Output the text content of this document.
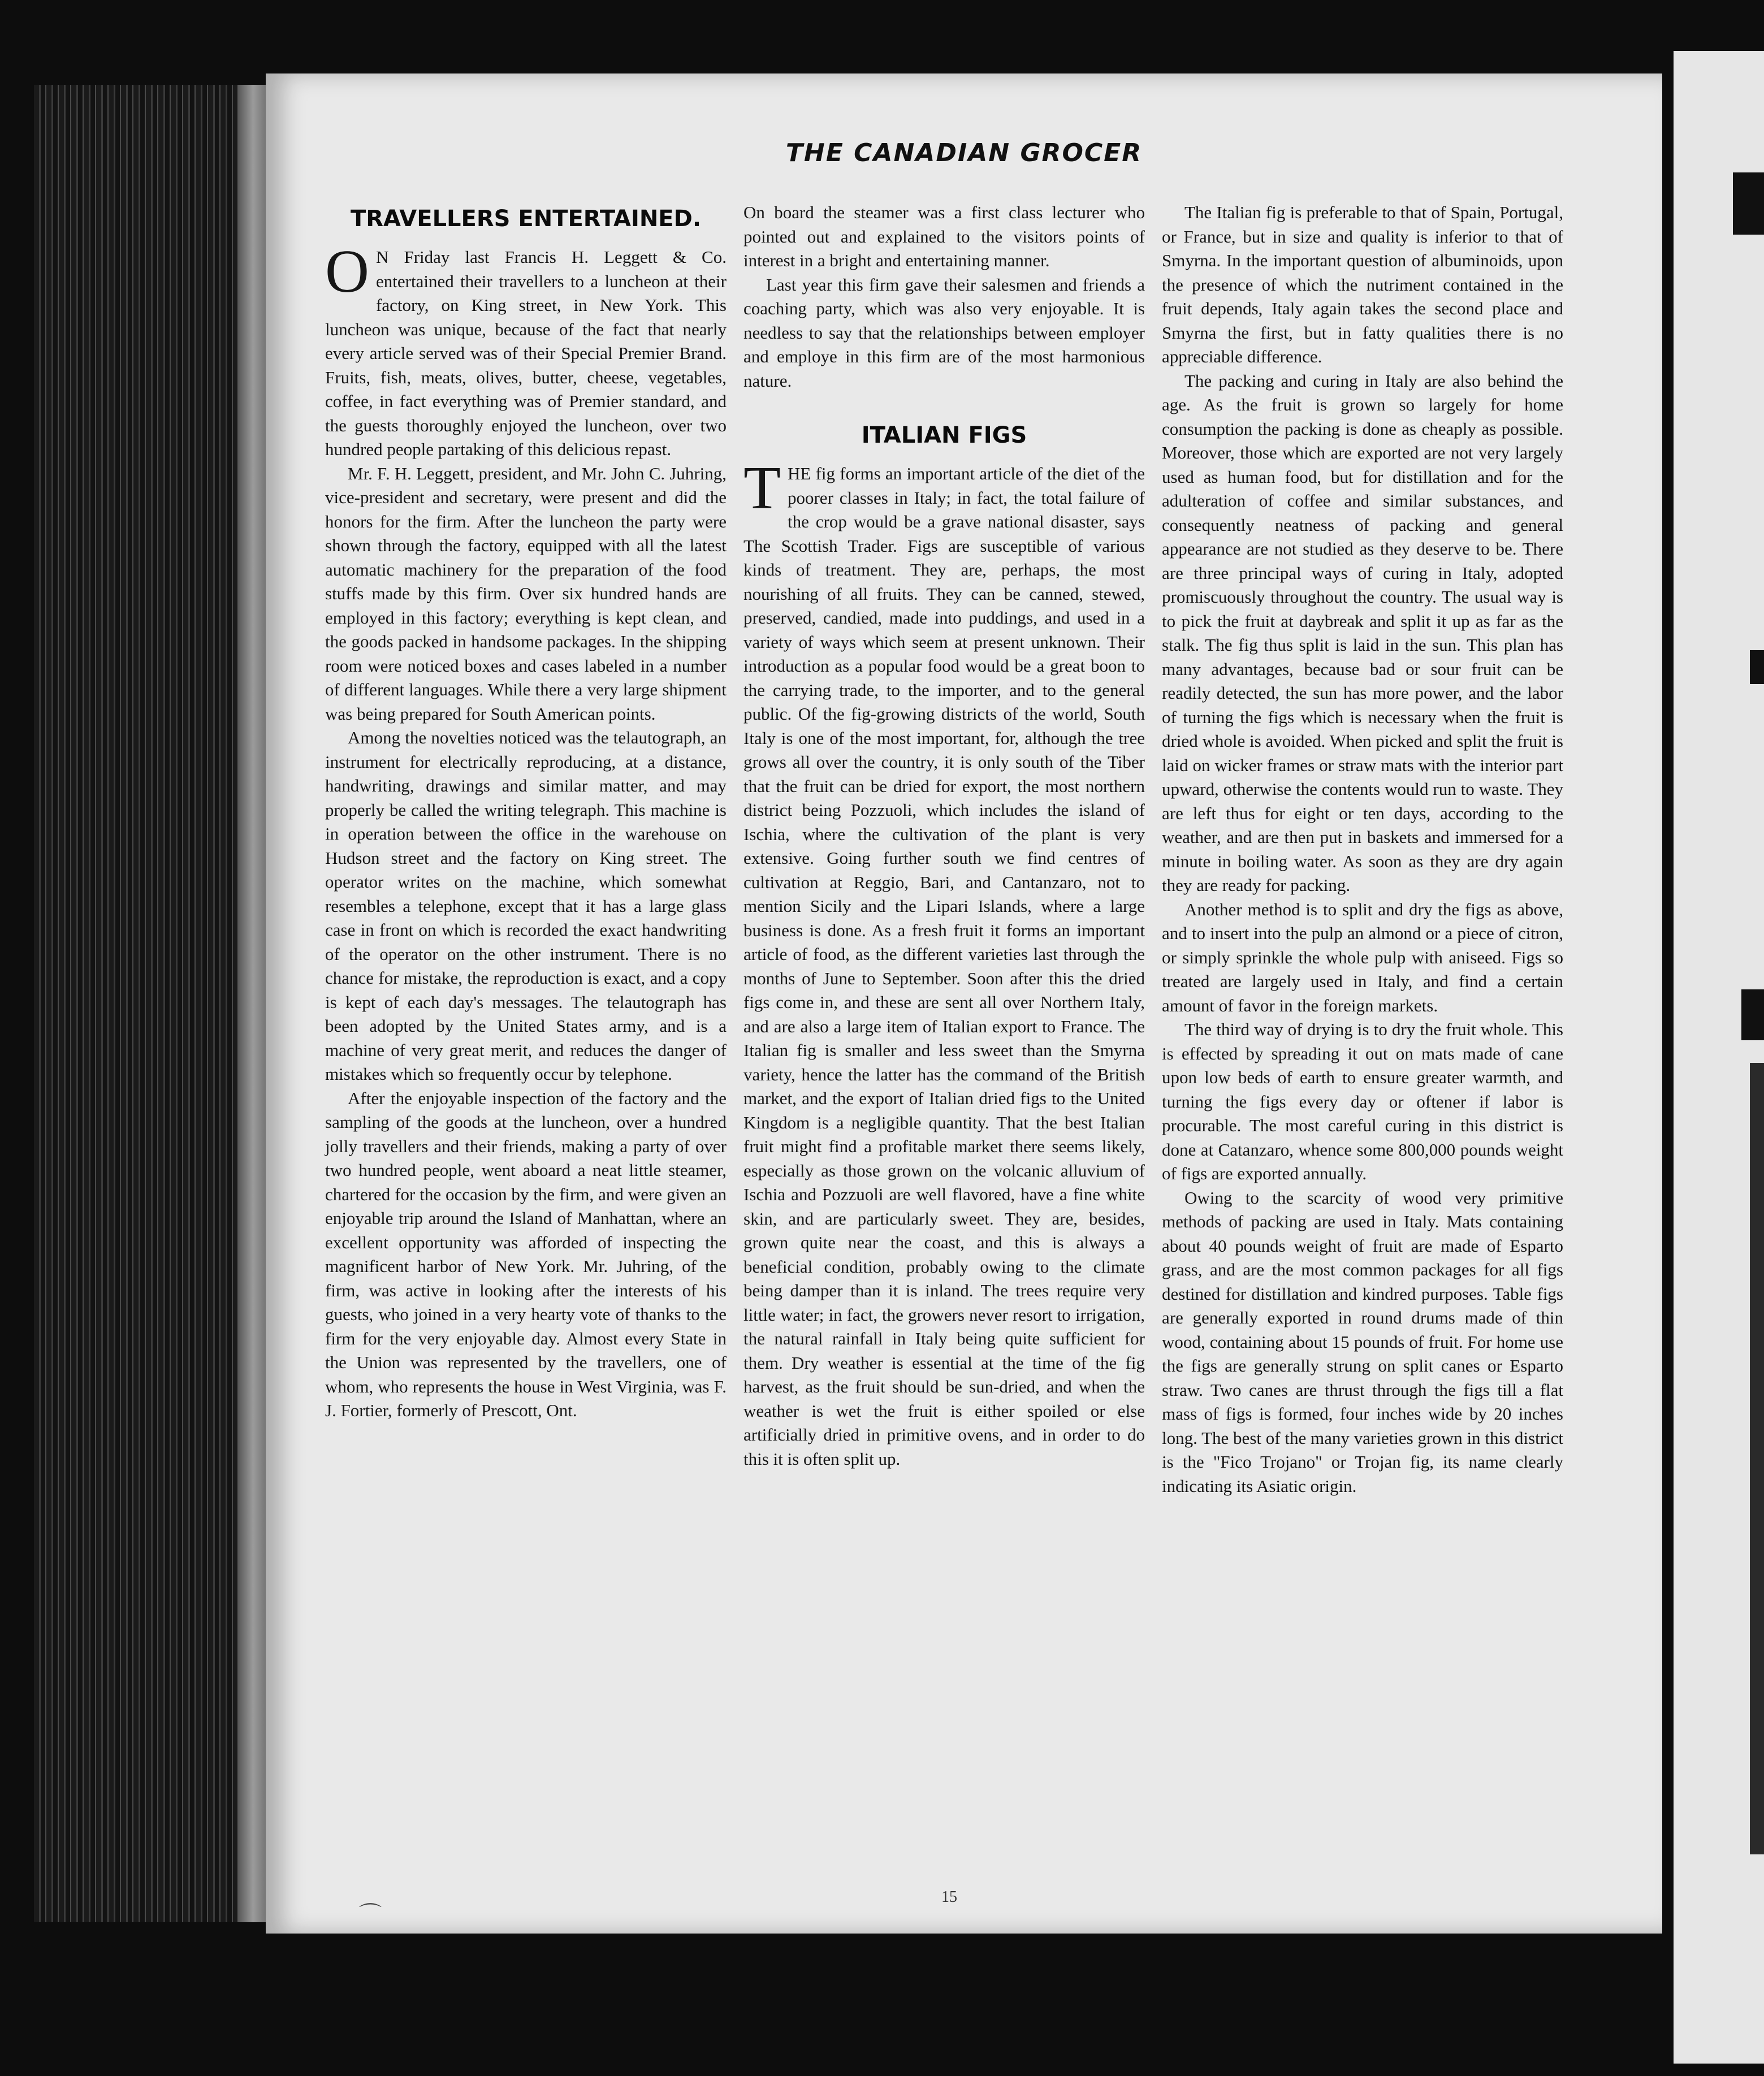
THE CANADIAN GROCER
TRAVELLERS ENTERTAINED.

O N Friday last Francis H. Leggett & Co. entertained their travellers to a luncheon at their factory, on King street, in New York. This luncheon was unique, because of the fact that nearly every article served was of their Special Premier Brand. Fruits, fish, meats, olives, butter, cheese, vegetables, coffee, in fact everything was of Premier standard, and the guests thoroughly enjoyed the luncheon, over two hundred people partaking of this delicious repast.

Mr. F. H. Leggett, president, and Mr. John C. Juhring, vice-president and secretary, were present and did the honors for the firm. After the luncheon the party were shown through the factory, equipped with all the latest automatic machinery for the preparation of the food stuffs made by this firm. Over six hundred hands are employed in this factory; everything is kept clean, and the goods packed in handsome packages. In the shipping room were noticed boxes and cases labeled in a number of different languages. While there a very large shipment was being prepared for South American points.

Among the novelties noticed was the telautograph, an instrument for electrically reproducing, at a distance, handwriting, drawings and similar matter, and may properly be called the writing telegraph. This machine is in operation between the office in the warehouse on Hudson street and the factory on King street. The operator writes on the machine, which somewhat resembles a telephone, except that it has a large glass case in front on which is recorded the exact handwriting of the operator on the other instrument. There is no chance for mistake, the reproduction is exact, and a copy is kept of each day's messages. The telautograph has been adopted by the United States army, and is a machine of very great merit, and reduces the danger of mistakes which so frequently occur by telephone.

After the enjoyable inspection of the factory and the sampling of the goods at the luncheon, over a hundred jolly travellers and their friends, making a party of over two hundred people, went aboard a neat little steamer, chartered for the occasion by the firm, and were given an enjoyable trip around the Island of Manhattan, where an excellent opportunity was afforded of inspecting the magnificent harbor of New York. Mr. Juhring, of the firm, was active in looking after the interests of his guests, who joined in a very hearty vote of thanks to the firm for the very enjoyable day. Almost every State in the Union was represented by the travellers, one of whom, who represents the house in West Virginia, was F. J. Fortier, formerly of Prescott, Ont.

On board the steamer was a first class lecturer who pointed out and explained to the visitors points of interest in a bright and entertaining manner.

Last year this firm gave their salesmen and friends a coaching party, which was also very enjoyable. It is needless to say that the relationships between employer and employe in this firm are of the most harmonious nature.

ITALIAN FIGS

THE fig forms an important article of the diet of the poorer classes in Italy; in fact, the total failure of the crop would be a grave national disaster, says The Scottish Trader. Figs are susceptible of various kinds of treatment. They are, perhaps, the most nourishing of all fruits. They can be canned, stewed, preserved, candied, made into puddings, and used in a variety of ways which seem at present unknown. Their introduction as a popular food would be a great boon to the carrying trade, to the importer, and to the general public. Of the fig-growing districts of the world, South Italy is one of the most important, for, although the tree grows all over the country, it is only south of the Tiber that the fruit can be dried for export, the most northern district being Pozzuoli, which includes the island of Ischia, where the cultivation of the plant is very extensive. Going further south we find centres of cultivation at Reggio, Bari, and Cantanzaro, not to mention Sicily and the Lipari Islands, where a large business is done. As a fresh fruit it forms an important article of food, as the different varieties last through the months of June to September. Soon after this the dried figs come in, and these are sent all over Northern Italy, and are also a large item of Italian export to France. The Italian fig is smaller and less sweet than the Smyrna variety, hence the latter has the command of the British market, and the export of Italian dried figs to the United Kingdom is a negligible quantity. That the best Italian fruit might find a profitable market there seems likely, especially as those grown on the volcanic alluvium of Ischia and Pozzuoli are well flavored, have a fine white skin, and are particularly sweet. They are, besides, grown quite near the coast, and this is always a beneficial condition, probably owing to the climate being damper than it is inland. The trees require very little water; in fact, the growers never resort to irrigation, the natural rainfall in Italy being quite sufficient for them. Dry weather is essential at the time of the fig harvest, as the fruit should be sun-dried, and when the weather is wet the fruit is either spoiled or else artificially dried in primitive ovens, and in order to do this it is often split up.

The Italian fig is preferable to that of Spain, Portugal, or France, but in size and quality is inferior to that of Smyrna. In the important question of albuminoids, upon the presence of which the nutriment contained in the fruit depends, Italy again takes the second place and Smyrna the first, but in fatty qualities there is no appreciable difference.

The packing and curing in Italy are also behind the age. As the fruit is grown so largely for home consumption the packing is done as cheaply as possible. Moreover, those which are exported are not very largely used as human food, but for distillation and for the adulteration of coffee and similar substances, and consequently neatness of packing and general appearance are not studied as they deserve to be. There are three principal ways of curing in Italy, adopted promiscuously throughout the country. The usual way is to pick the fruit at daybreak and split it up as far as the stalk. The fig thus split is laid in the sun. This plan has many advantages, because bad or sour fruit can be readily detected, the sun has more power, and the labor of turning the figs which is necessary when the fruit is dried whole is avoided. When picked and split the fruit is laid on wicker frames or straw mats with the interior part upward, otherwise the contents would run to waste. They are left thus for eight or ten days, according to the weather, and are then put in baskets and immersed for a minute in boiling water. As soon as they are dry again they are ready for packing.

Another method is to split and dry the figs as above, and to insert into the pulp an almond or a piece of citron, or simply sprinkle the whole pulp with aniseed. Figs so treated are largely used in Italy, and find a certain amount of favor in the foreign markets.

The third way of drying is to dry the fruit whole. This is effected by spreading it out on mats made of cane upon low beds of earth to ensure greater warmth, and turning the figs every day or oftener if labor is procurable. The most careful curing in this district is done at Catanzaro, whence some 800,000 pounds weight of figs are exported annually.

Owing to the scarcity of wood very primitive methods of packing are used in Italy. Mats containing about 40 pounds weight of fruit are made of Esparto grass, and are the most common packages for all figs destined for distillation and kindred purposes. Table figs are generally exported in round drums made of thin wood, containing about 15 pounds of fruit. For home use the figs are generally strung on split canes or Esparto straw. Two canes are thrust through the figs till a flat mass of figs is formed, four inches wide by 20 inches long. The best of the many varieties grown in this district is the "Fico Trojano" or Trojan fig, its name clearly indicating its Asiatic origin.

15
⌒
